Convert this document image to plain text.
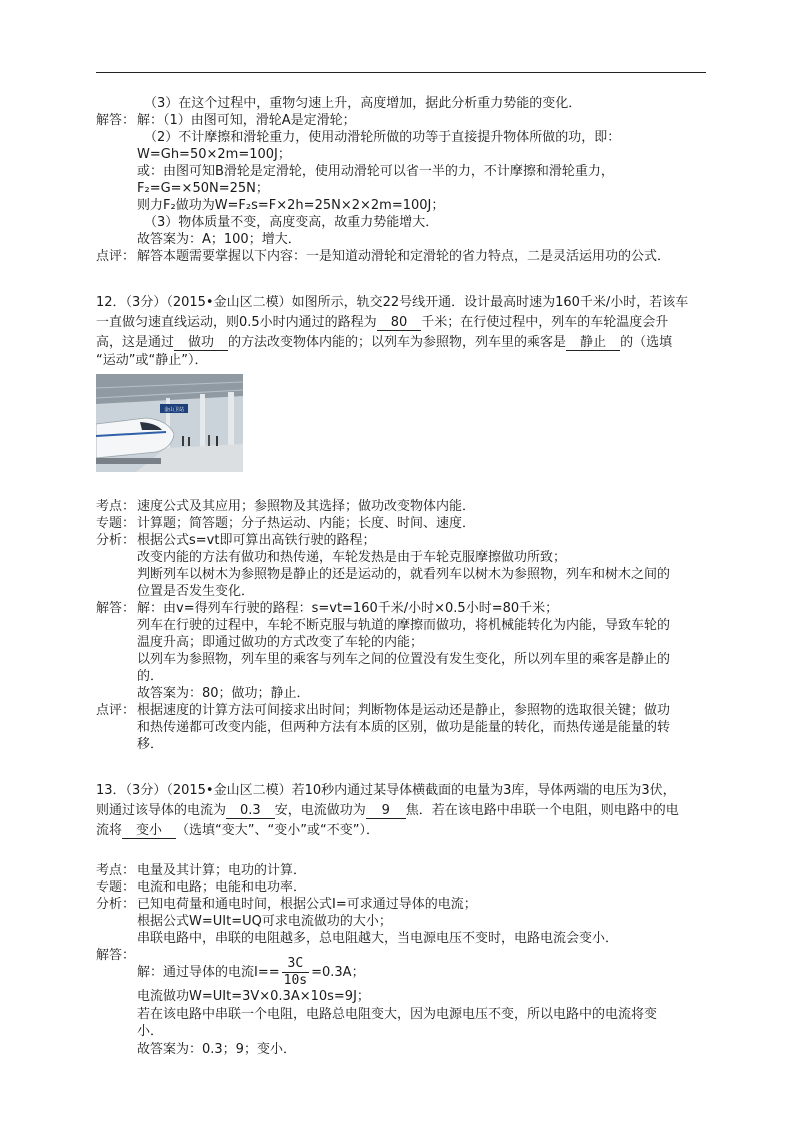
（3）在这个过程中，重物匀速上升，高度增加，据此分析重力势能的变化．
解答： 解：（1）由图可知，滑轮A是定滑轮；
（2）不计摩擦和滑轮重力，使用动滑轮所做的功等于直接提升物体所做的功，即：
W=Gh=50×2m=100J；
或：由图可知B滑轮是定滑轮，使用动滑轮可以省一半的力，不计摩擦和滑轮重力，
F₂=G=×50N=25N；
则力F₂做功为W=F₂s=F×2h=25N×2×2m=100J；
（3）物体质量不变，高度变高，故重力势能增大．
故答案为：A；100；增大．
点评： 解答本题需要掌握以下内容：一是知道动滑轮和定滑轮的省力特点，二是灵活运用功的公式．
12．（3分）（2015•金山区二模）如图所示，轨交22号线开通．设计最高时速为160千米/小时，若该车
一直做匀速直线运动，则0.5小时内通过的路程为 80 千米；在行使过程中，列车的车轮温度会升
高，这是通过 做功 的方法改变物体内能的；以列车为参照物，列车里的乘客是 静止 的（选填
“运动”或“静止”）．
金山卫站
考点： 速度公式及其应用；参照物及其选择；做功改变物体内能．
专题： 计算题；简答题；分子热运动、内能；长度、时间、速度．
分析： 根据公式s=vt即可算出高铁行驶的路程；
改变内能的方法有做功和热传递，车轮发热是由于车轮克服摩擦做功所致；
判断列车以树木为参照物是静止的还是运动的，就看列车以树木为参照物，列车和树木之间的
位置是否发生变化．
解答： 解：由v=得列车行驶的路程：s=vt=160千米/小时×0.5小时=80千米；
列车在行驶的过程中，车轮不断克服与轨道的摩擦而做功，将机械能转化为内能，导致车轮的
温度升高；即通过做功的方式改变了车轮的内能；
以列车为参照物，列车里的乘客与列车之间的位置没有发生变化，所以列车里的乘客是静止的
的．
故答案为：80；做功；静止．
点评： 根据速度的计算方法可间接求出时间；判断物体是运动还是静止，参照物的选取很关键；做功
和热传递都可改变内能，但两种方法有本质的区别，做功是能量的转化，而热传递是能量的转
移．
13．（3分）（2015•金山区二模）若10秒内通过某导体横截面的电量为3库，导体两端的电压为3伏，
则通过该导体的电流为 0.3 安，电流做功为 9 焦．若在该电路中串联一个电阻，则电路中的电
流将 变小 （选填“变大”、“变小”或“不变”）．
考点： 电量及其计算；电功的计算．
专题： 电流和电路；电能和电功率．
分析： 已知电荷量和通电时间，根据公式I=可求通过导体的电流；
根据公式W=UIt=UQ可求电流做功的大小；
串联电路中，串联的电阻越多，总电阻越大，当电源电压不变时，电路电流会变小．
解答：
解：通过导体的电流$I== \frac{3C}{10s} =0.3A$；
电流做功W=UIt=3V×0.3A×10s=9J；
若在该电路中串联一个电阻，电路总电阻变大，因为电源电压不变，所以电路中的电流将变
小．
故答案为：0.3；9；变小．
